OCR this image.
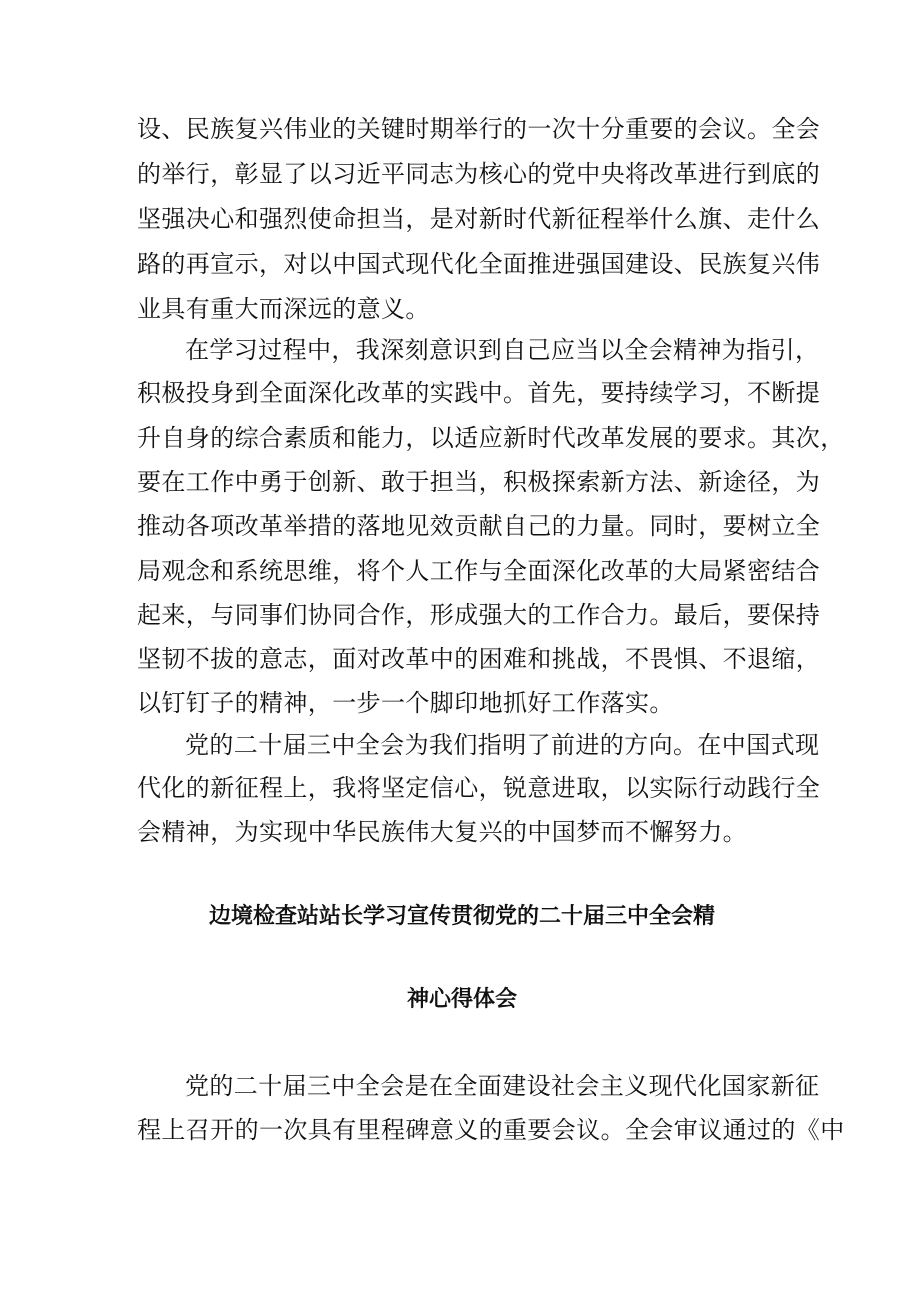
设、民族复兴伟业的关键时期举行的一次十分重要的会议。全会
的举行，彰显了以习近平同志为核心的党中央将改革进行到底的
坚强决心和强烈使命担当，是对新时代新征程举什么旗、走什么
路的再宣示，对以中国式现代化全面推进强国建设、民族复兴伟
业具有重大而深远的意义。
在学习过程中，我深刻意识到自己应当以全会精神为指引，
积极投身到全面深化改革的实践中。首先，要持续学习，不断提
升自身的综合素质和能力，以适应新时代改革发展的要求。其次，
要在工作中勇于创新、敢于担当，积极探索新方法、新途径，为
推动各项改革举措的落地见效贡献自己的力量。同时，要树立全
局观念和系统思维，将个人工作与全面深化改革的大局紧密结合
起来，与同事们协同合作，形成强大的工作合力。最后，要保持
坚韧不拔的意志，面对改革中的困难和挑战，不畏惧、不退缩，
以钉钉子的精神，一步一个脚印地抓好工作落实。
党的二十届三中全会为我们指明了前进的方向。在中国式现
代化的新征程上，我将坚定信心，锐意进取，以实际行动践行全
会精神，为实现中华民族伟大复兴的中国梦而不懈努力。
边境检查站站长学习宣传贯彻党的二十届三中全会精
神心得体会
党的二十届三中全会是在全面建设社会主义现代化国家新征
程上召开的一次具有里程碑意义的重要会议。全会审议通过的《中
